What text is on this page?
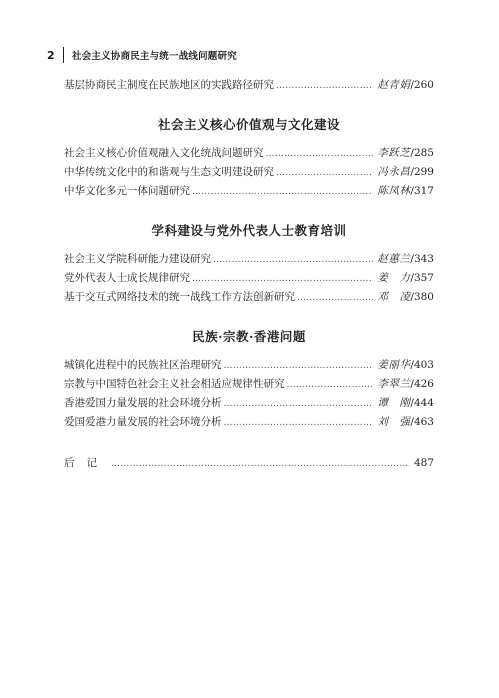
2	社会主义协商民主与统一战线问题研究
基层协商民主制度在民族地区的实践路径研究 …………………………………………………………………………………………………………………………………………	赵青娟 /260
社会主义核心价值观与文化建设
社会主义核心价值观融入文化统战问题研究 …………………………………………………………………………………………………………………………………………	李跃芝 /285
中华传统文化中的和谐观与生态文明建设研究 …………………………………………………………………………………………………………………………………………	冯永昌 /299
中华文化多元一体问题研究 …………………………………………………………………………………………………………………………………………	陈凤林 /317
学科建设与党外代表人士教育培训
社会主义学院科研能力建设研究 …………………………………………………………………………………………………………………………………………	赵蕙兰 /343
党外代表人士成长规律研究 …………………………………………………………………………………………………………………………………………	姜　力 /357
基于交互式网络技术的统一战线工作方法创新研究 …………………………………………………………………………………………………………………………………………	邓　凌 /380
民族·宗教·香港问题
城镇化进程中的民族社区治理研究 …………………………………………………………………………………………………………………………………………	姜丽华 /403
宗教与中国特色社会主义社会相适应规律性研究 …………………………………………………………………………………………………………………………………………	李翠兰 /426
香港爱国力量发展的社会环境分析 …………………………………………………………………………………………………………………………………………	谭　刚 /444
爱国爱港力量发展的社会环境分析 …………………………………………………………………………………………………………………………………………	刘　强 /463
后记 …………………………………………………………………………………………………………………………………………	487
